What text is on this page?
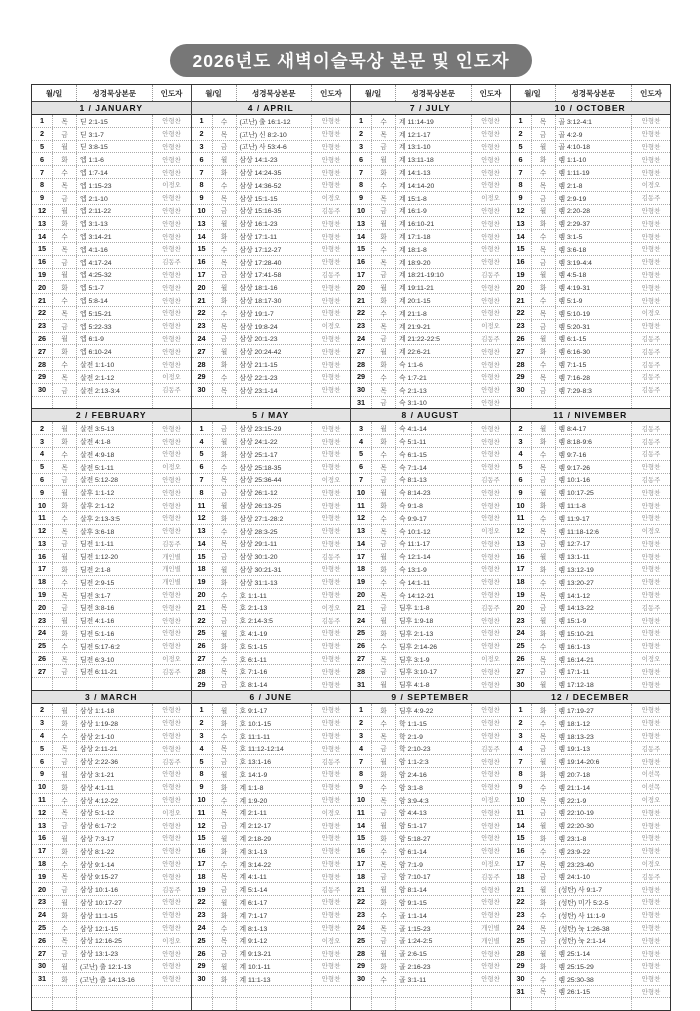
2026년도 새벽이슬묵상 본문 및 인도자
월/일	성경묵상본문	인도자	월/일	성경묵상본문	인도자	월/일	성경묵상본문	인도자	월/일	성경묵상본문	인도자
1 / JANUARY
1	목	딛 2:1-15	안형찬
2	금	딛 3:1-7	안형찬
5	월	딛 3:8-15	안형찬
6	화	엡 1:1-6	안형찬
7	수	엡 1:7-14	안형찬
8	목	엡 1:15-23	이정오
9	금	엡 2:1-10	안형찬
12	월	엡 2:11-22	안형찬
13	화	엡 3:1-13	안형찬
14	수	엡 3:14-21	안형찬
15	목	엡 4:1-16	안형찬
16	금	엡 4:17-24	김동주
19	월	엡 4:25-32	안형찬
20	화	엡 5:1-7	안형찬
21	수	엡 5:8-14	안형찬
22	목	엡 5:15-21	안형찬
23	금	엡 5:22-33	안형찬
26	월	엡 6:1-9	안형찬
27	화	엡 6:10-24	안형찬
28	수	살전 1:1-10	안형찬
29	목	살전 2:1-12	이정오
30	금	살전 2:13-3:4	김동주
2 / FEBRUARY
2	월	살전 3:5-13	안형찬
3	화	살전 4:1-8	안형찬
4	수	살전 4:9-18	안형찬
5	목	살전 5:1-11	이정오
6	금	살전 5:12-28	안형찬
9	월	살후 1:1-12	안형찬
10	화	살후 2:1-12	안형찬
11	수	살후 2:13-3:5	안형찬
12	목	살후 3:6-18	안형찬
13	금	딤전 1:1-11	김동주
16	월	딤전 1:12-20	개인별
17	화	딤전 2:1-8	개인별
18	수	딤전 2:9-15	개인별
19	목	딤전 3:1-7	안형찬
20	금	딤전 3:8-16	안형찬
23	월	딤전 4:1-16	안형찬
24	화	딤전 5:1-16	안형찬
25	수	딤전 5:17-6:2	안형찬
26	목	딤전 6:3-10	이정오
27	금	딤전 6:11-21	김동주
3 / MARCH
2	월	삼상 1:1-18	안형찬
3	화	삼상 1:19-28	안형찬
4	수	삼상 2:1-10	안형찬
5	목	삼상 2:11-21	안형찬
6	금	삼상 2:22-36	김동주
9	월	삼상 3:1-21	안형찬
10	화	삼상 4:1-11	안형찬
11	수	삼상 4:12-22	안형찬
12	목	삼상 5:1-12	이정오
13	금	삼상 6:1-7:2	안형찬
16	월	삼상 7:3-17	안형찬
17	화	삼상 8:1-22	안형찬
18	수	삼상 9:1-14	안형찬
19	목	삼상 9:15-27	안형찬
20	금	삼상 10:1-16	김동주
23	월	삼상 10:17-27	안형찬
24	화	삼상 11:1-15	안형찬
25	수	삼상 12:1-15	안형찬
26	목	삼상 12:16-25	이정오
27	금	삼상 13:1-23	안형찬
30	월	(고난) 출 12:1-13	안형찬
31	화	(고난) 출 14:13-16	안형찬
4 / APRIL
1	수	(고난) 출 16:1-12	안형찬
2	목	(고난) 신 8:2-10	안형찬
3	금	(고난) 사 53:4-6	안형찬
6	월	삼상 14:1-23	안형찬
7	화	삼상 14:24-35	안형찬
8	수	삼상 14:36-52	안형찬
9	목	삼상 15:1-15	이정오
10	금	삼상 15:16-35	김동주
13	월	삼상 16:1-23	안형찬
14	화	삼상 17:1-11	안형찬
15	수	삼상 17:12-27	안형찬
16	목	삼상 17:28-40	안형찬
17	금	삼상 17:41-58	김동주
20	월	삼상 18:1-16	안형찬
21	화	삼상 18:17-30	안형찬
22	수	삼상 19:1-7	안형찬
23	목	삼상 19:8-24	이정오
24	금	삼상 20:1-23	안형찬
27	월	삼상 20:24-42	안형찬
28	화	삼상 21:1-15	안형찬
29	수	삼상 22:1-23	안형찬
30	목	삼상 23:1-14	안형찬
5 / MAY
1	금	삼상 23:15-29	안형찬
4	월	삼상 24:1-22	안형찬
5	화	삼상 25:1-17	안형찬
6	수	삼상 25:18-35	안형찬
7	목	삼상 25:36-44	이정오
8	금	삼상 26:1-12	안형찬
11	월	삼상 26:13-25	안형찬
12	화	삼상 27:1-28:2	안형찬
13	수	삼상 28:3-25	안형찬
14	목	삼상 29:1-11	안형찬
15	금	삼상 30:1-20	김동주
18	월	삼상 30:21-31	안형찬
19	화	삼상 31:1-13	안형찬
20	수	호 1:1-11	안형찬
21	목	호 2:1-13	이정오
22	금	호 2:14-3:5	김동주
25	월	호 4:1-19	안형찬
26	화	호 5:1-15	안형찬
27	수	호 6:1-11	안형찬
28	목	호 7:1-16	안형찬
29	금	호 8:1-14	안형찬
6 / JUNE
1	월	호 9:1-17	안형찬
2	화	호 10:1-15	안형찬
3	수	호 11:1-11	안형찬
4	목	호 11:12-12:14	안형찬
5	금	호 13:1-16	김동주
8	월	호 14:1-9	안형찬
9	화	계 1:1-8	안형찬
10	수	계 1:9-20	안형찬
11	목	계 2:1-11	이정오
12	금	계 2:12-17	안형찬
15	월	계 2:18-29	안형찬
16	화	계 3:1-13	안형찬
17	수	계 3:14-22	안형찬
18	목	계 4:1-11	안형찬
19	금	계 5:1-14	김동주
22	월	계 6:1-17	안형찬
23	화	계 7:1-17	안형찬
24	수	계 8:1-13	안형찬
25	목	계 9:1-12	이정오
26	금	계 9:13-21	안형찬
29	월	계 10:1-11	안형찬
30	화	계 11:1-13	안형찬
7 / JULY
1	수	계 11:14-19	안형찬
2	목	계 12:1-17	안형찬
3	금	계 13:1-10	안형찬
6	월	계 13:11-18	안형찬
7	화	계 14:1-13	안형찬
8	수	계 14:14-20	안형찬
9	목	계 15:1-8	이정오
10	금	계 16:1-9	안형찬
13	월	계 16:10-21	안형찬
14	화	계 17:1-18	안형찬
15	수	계 18:1-8	안형찬
16	목	계 18:9-20	안형찬
17	금	계 18:21-19:10	김동주
20	월	계 19:11-21	안형찬
21	화	계 20:1-15	안형찬
22	수	계 21:1-8	안형찬
23	목	계 21:9-21	이정오
24	금	계 21:22-22:5	김동주
27	월	계 22:6-21	안형찬
28	화	슥 1:1-6	안형찬
29	수	슥 1:7-21	안형찬
30	목	슥 2:1-13	안형찬
31	금	슥 3:1-10	안형찬
8 / AUGUST
3	월	슥 4:1-14	안형찬
4	화	슥 5:1-11	안형찬
5	수	슥 6:1-15	안형찬
6	목	슥 7:1-14	안형찬
7	금	슥 8:1-13	김동주
10	월	슥 8:14-23	안형찬
11	화	슥 9:1-8	안형찬
12	수	슥 9:9-17	안형찬
13	목	슥 10:1-12	이정오
14	금	슥 11:1-17	안형찬
17	월	슥 12:1-14	안형찬
18	화	슥 13:1-9	안형찬
19	수	슥 14:1-11	안형찬
20	목	슥 14:12-21	안형찬
21	금	딤후 1:1-8	김동주
24	월	딤후 1:9-18	안형찬
25	화	딤후 2:1-13	안형찬
26	수	딤후 2:14-26	안형찬
27	목	딤후 3:1-9	이정오
28	금	딤후 3:10-17	안형찬
31	월	딤후 4:1-8	안형찬
9 / SEPTEMBER
1	화	딤후 4:9-22	안형찬
2	수	학 1:1-15	안형찬
3	목	학 2:1-9	안형찬
4	금	학 2:10-23	김동주
7	월	암 1:1-2:3	안형찬
8	화	암 2:4-16	안형찬
9	수	암 3:1-8	안형찬
10	목	암 3:9-4:3	이정오
11	금	암 4:4-13	안형찬
14	월	암 5:1-17	안형찬
15	화	암 5:18-27	안형찬
16	수	암 6:1-14	안형찬
17	목	암 7:1-9	이정오
18	금	암 7:10-17	김동주
21	월	암 8:1-14	안형찬
22	화	암 9:1-15	안형찬
23	수	골 1:1-14	안형찬
24	목	골 1:15-23	개인별
25	금	골 1:24-2:5	개인별
28	월	골 2:6-15	안형찬
29	화	골 2:16-23	안형찬
30	수	골 3:1-11	안형찬
10 / OCTOBER
1	목	골 3:12-4:1	안형찬
2	금	골 4:2-9	안형찬
5	월	골 4:10-18	안형찬
6	화	렘 1:1-10	안형찬
7	수	렘 1:11-19	안형찬
8	목	렘 2:1-8	이정오
9	금	렘 2:9-19	김동주
12	월	렘 2:20-28	안형찬
13	화	렘 2:29-37	안형찬
14	수	렘 3:1-5	안형찬
15	목	렘 3:6-18	안형찬
16	금	렘 3:19-4:4	안형찬
19	월	렘 4:5-18	안형찬
20	화	렘 4:19-31	안형찬
21	수	렘 5:1-9	안형찬
22	목	렘 5:10-19	이정오
23	금	렘 5:20-31	안형찬
26	월	렘 6:1-15	김동주
27	화	렘 6:16-30	김동주
28	수	렘 7:1-15	김동주
29	목	렘 7:16-28	김동주
30	금	렘 7:29-8:3	김동주
11 / NIVEMBER
2	월	렘 8:4-17	김동주
3	화	렘 8:18-9:6	김동주
4	수	렘 9:7-16	김동주
5	목	렘 9:17-26	안형찬
6	금	렘 10:1-16	김동주
9	월	렘 10:17-25	안형찬
10	화	렘 11:1-8	안형찬
11	수	렘 11:9-17	안형찬
12	목	렘 11:18-12:6	이정오
13	금	렘 12:7-17	안형찬
16	월	렘 13:1-11	안형찬
17	화	렘 13:12-19	안형찬
18	수	렘 13:20-27	안형찬
19	목	렘 14:1-12	안형찬
20	금	렘 14:13-22	김동주
23	월	렘 15:1-9	안형찬
24	화	렘 15:10-21	안형찬
25	수	렘 16:1-13	안형찬
26	목	렘 16:14-21	이정오
27	금	렘 17:1-11	안형찬
30	월	렘 17:12-18	안형찬
12 / DECEMBER
1	화	렘 17:19-27	안형찬
2	수	렘 18:1-12	안형찬
3	목	렘 18:13-23	안형찬
4	금	렘 19:1-13	김동주
7	월	렘 19:14-20:6	안형찬
8	화	렘 20:7-18	이선목
9	수	렘 21:1-14	이선목
10	목	렘 22:1-9	이정오
11	금	렘 22:10-19	안형찬
14	월	렘 22:20-30	안형찬
15	화	렘 23:1-8	안형찬
16	수	렘 23:9-22	안형찬
17	목	렘 23:23-40	이정오
18	금	렘 24:1-10	김동주
21	월	(성탄) 사 9:1-7	안형찬
22	화	(성탄) 미가 5:2-5	안형찬
23	수	(성탄) 사 11:1-9	안형찬
24	목	(성탄) 눅 1:26-38	안형찬
25	금	(성탄) 눅 2:1-14	안형찬
28	월	렘 25:1-14	안형찬
29	화	렘 25:15-29	안형찬
30	수	렘 25:30-38	안형찬
31	목	렘 26:1-15	안형찬
